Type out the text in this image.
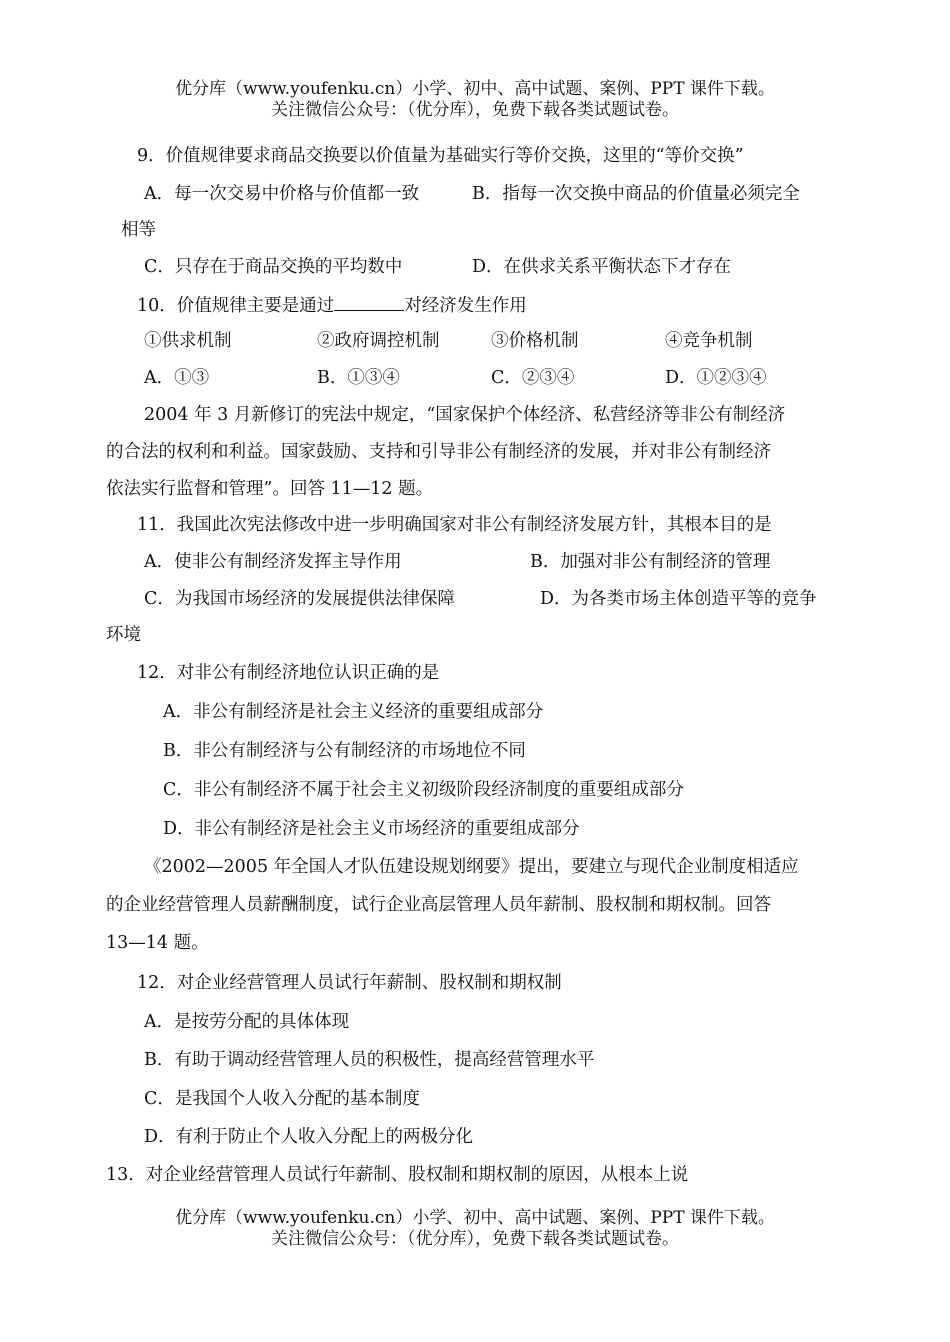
优分库（www.youfenku.cn）小学、初中、高中试题、案例、PPT 课件下载。
关注微信公众号：（优分库），免费下载各类试题试卷。
9．价值规律要求商品交换要以价值量为基础实行等价交换，这里的“等价交换”
A．每一次交易中价格与价值都一致	B．指每一次交换中商品的价值量必须完全
相等
C．只存在于商品交换的平均数中	D．在供求关系平衡状态下才存在
10．价值规律主要是通过	对经济发生作用
①供求机制	②政府调控机制	③价格机制	④竞争机制
A．①③	B．①③④	C．②③④	D．①②③④
2004 年 3 月新修订的宪法中规定，“国家保护个体经济、私营经济等非公有制经济
的合法的权利和利益。国家鼓励、支持和引导非公有制经济的发展，并对非公有制经济
依法实行监督和管理”。回答 11—12 题。
11．我国此次宪法修改中进一步明确国家对非公有制经济发展方针，其根本目的是
A．使非公有制经济发挥主导作用	B．加强对非公有制经济的管理
C．为我国市场经济的发展提供法律保障	D．为各类市场主体创造平等的竞争
环境
12．对非公有制经济地位认识正确的是
A．非公有制经济是社会主义经济的重要组成部分
B．非公有制经济与公有制经济的市场地位不同
C．非公有制经济不属于社会主义初级阶段经济制度的重要组成部分
D．非公有制经济是社会主义市场经济的重要组成部分
《2002—2005 年全国人才队伍建设规划纲要》提出，要建立与现代企业制度相适应
的企业经营管理人员薪酬制度，试行企业高层管理人员年薪制、股权制和期权制。回答
13—14 题。
12．对企业经营管理人员试行年薪制、股权制和期权制
A．是按劳分配的具体体现
B．有助于调动经营管理人员的积极性，提高经营管理水平
C．是我国个人收入分配的基本制度
D．有利于防止个人收入分配上的两极分化
13．对企业经营管理人员试行年薪制、股权制和期权制的原因，从根本上说
优分库（www.youfenku.cn）小学、初中、高中试题、案例、PPT 课件下载。
关注微信公众号：（优分库），免费下载各类试题试卷。
